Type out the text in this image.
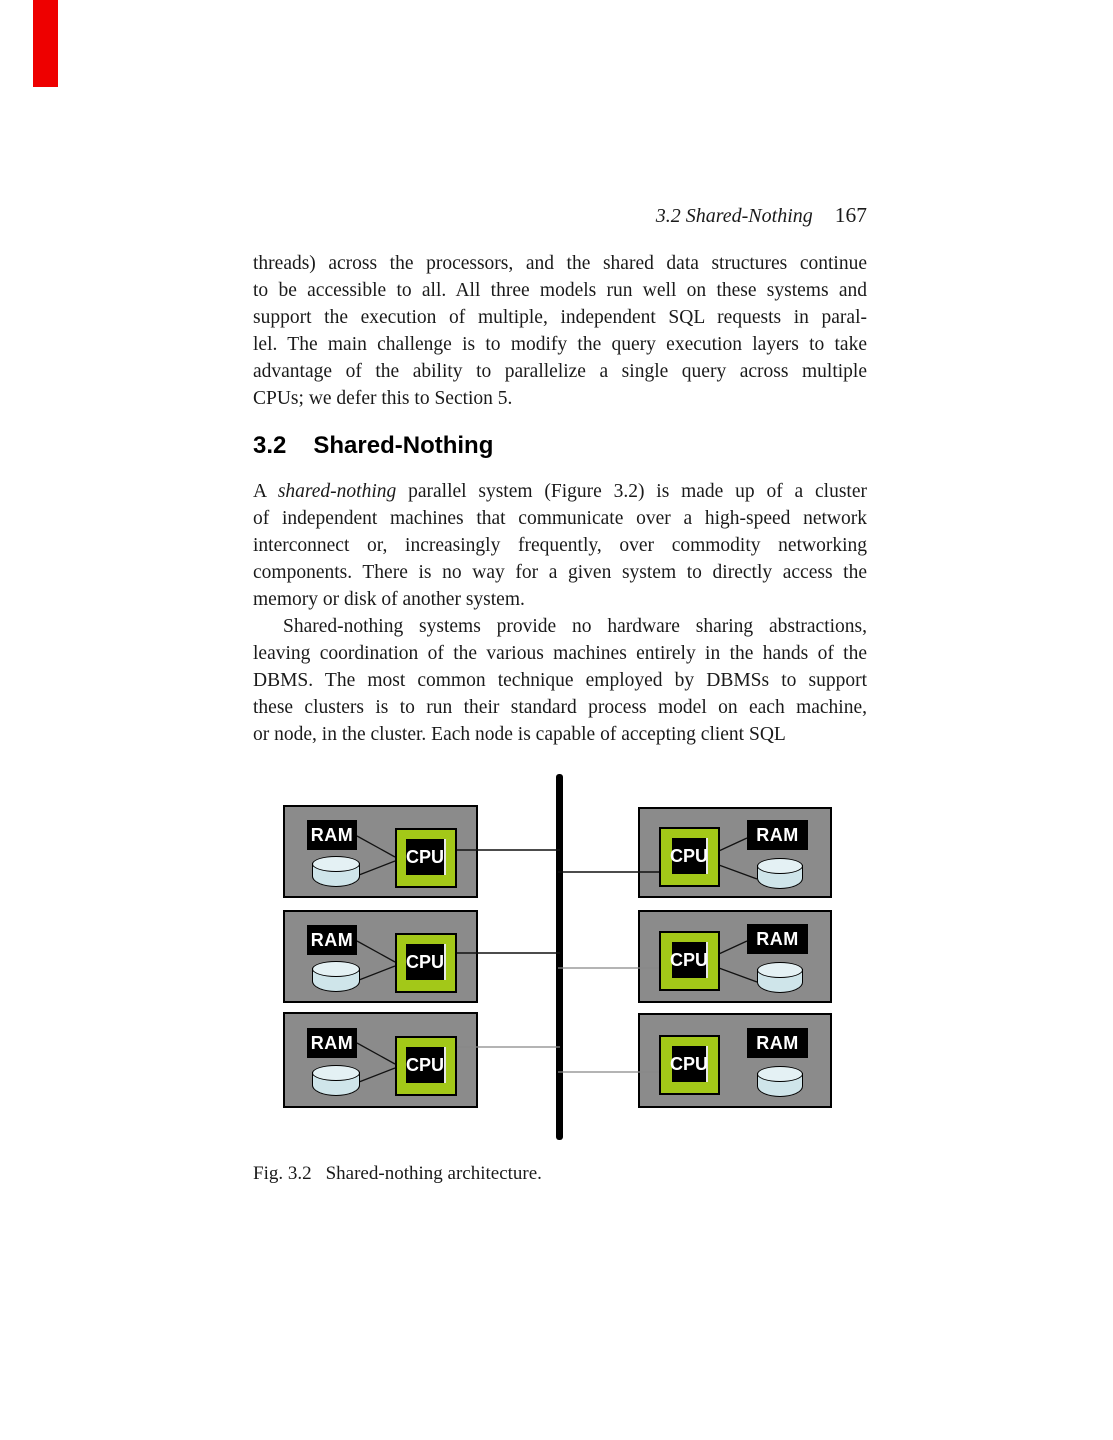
3.2 Shared-Nothing 167
threads) across the processors, and the shared data structures continue
to be accessible to all. All three models run well on these systems and
support the execution of multiple, independent SQL requests in paral-
lel. The main challenge is to modify the query execution layers to take
advantage of the ability to parallelize a single query across multiple
CPUs; we defer this to Section 5.
3.2 Shared-Nothing
A shared-nothing parallel system (Figure 3.2) is made up of a cluster
of independent machines that communicate over a high-speed network
interconnect or, increasingly frequently, over commodity networking
components. There is no way for a given system to directly access the
memory or disk of another system.
Shared-nothing systems provide no hardware sharing abstractions,
leaving coordination of the various machines entirely in the hands of the
DBMS. The most common technique employed by DBMSs to support
these clusters is to run their standard process model on each machine,
or node, in the cluster. Each node is capable of accepting client SQL
RAM
CPU
RAM
CPU
RAM
CPU
CPU
RAM
CPU
RAM
CPU
RAM
Fig. 3.2 Shared-nothing architecture.
